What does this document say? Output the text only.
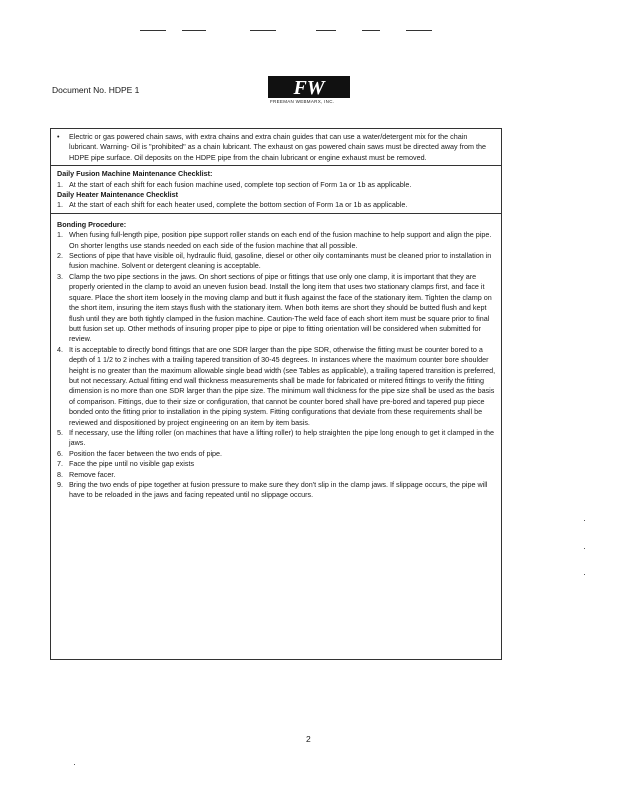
Document No. HDPE 1	FW
FREEMAN WEBMARX, INC.
•	Electric or gas powered chain saws, with extra chains and extra chain guides that can use a water/detergent mix for the chain lubricant. Warning- Oil is "prohibited" as a chain lubricant. The exhaust on gas powered chain saws must be directed away from the HDPE pipe surface. Oil deposits on the HDPE pipe from the chain lubricant or engine exhaust must be removed.
Daily Fusion Machine Maintenance Checklist:
1. At the start of each shift for each fusion machine used, complete top section of Form 1a or 1b as applicable.
Daily Heater Maintenance Checklist
1. At the start of each shift for each heater used, complete the bottom section of Form 1a or 1b as applicable.
Bonding Procedure:
1. When fusing full-length pipe, position pipe support roller stands on each end of the fusion machine to help support and align the pipe. On shorter lengths use stands needed on each side of the fusion machine that all possible.
2. Sections of pipe that have visible oil, hydraulic fluid, gasoline, diesel or other oily contaminants must be cleaned prior to installation in fusion machine. Solvent or detergent cleaning is acceptable.
3. Clamp the two pipe sections in the jaws. On short sections of pipe or fittings that use only one clamp, it is important that they are properly oriented in the clamp to avoid an uneven fusion bead. Install the long item that uses two stationary clamps first, and face it square. Place the short item loosely in the moving clamp and butt it flush against the face of the stationary item. Tighten the clamp on the short item, insuring the item stays flush with the stationary item. When both items are short they should be butted flush and kept flush until they are both tightly clamped in the fusion machine. Caution-The weld face of each short item must be square prior to final butt fusion set up. Other methods of insuring proper pipe to pipe or pipe to fitting orientation will be considered when submitted for review.
4. It is acceptable to directly bond fittings that are one SDR larger than the pipe SDR, otherwise the fitting must be counter bored to a depth of 1 1/2 to 2 inches with a trailing tapered transition of 30-45 degrees. In instances where the maximum counter bore shoulder height is no greater than the maximum allowable single bead width (see Tables as applicable), a trailing tapered transition is preferred, but not necessary. Actual fitting end wall thickness measurements shall be made for fabricated or mitered fittings to verify the fitting dimension is no more than one SDR larger than the pipe size. The minimum wall thickness for the pipe size shall be used as the basis of comparison. Fittings, due to their size or configuration, that cannot be counter bored shall have pre-bored and tapered pup piece bonded onto the fitting prior to installation in the piping system. Fitting configurations that deviate from these requirements shall be reviewed and dispositioned by project engineering on an item by item basis.
5. If necessary, use the lifting roller (on machines that have a lifting roller) to help straighten the pipe long enough to get it clamped in the jaws.
6. Position the facer between the two ends of pipe.
7. Face the pipe until no visible gap exists
8. Remove facer.
9. Bring the two ends of pipe together at fusion pressure to make sure they don't slip in the clamp jaws. If slippage occurs, the pipe will have to be reloaded in the jaws and facing repeated until no slippage occurs.
2
